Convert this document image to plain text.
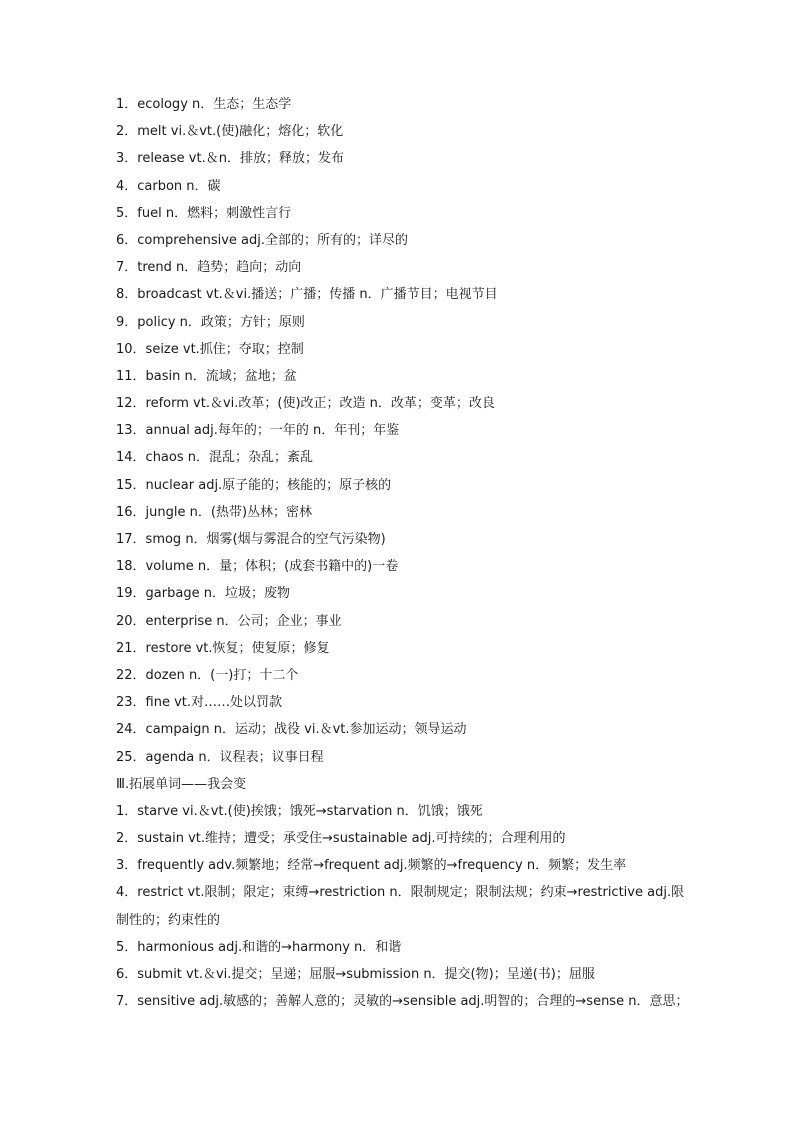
1．ecology n．生态；生态学
2．melt vi.＆vt.(使)融化；熔化；软化
3．release vt.＆n．排放；释放；发布
4．carbon n．碳
5．fuel n．燃料；刺激性言行
6．comprehensive adj.全部的；所有的；详尽的
7．trend n．趋势；趋向；动向
8．broadcast vt.＆vi.播送；广播；传播 n．广播节目；电视节目
9．policy n．政策；方针；原则
10．seize vt.抓住；夺取；控制
11．basin n．流域；盆地；盆
12．reform vt.＆vi.改革；(使)改正；改造 n．改革；变革；改良
13．annual adj.每年的；一年的 n．年刊；年鉴
14．chaos n．混乱；杂乱；紊乱
15．nuclear adj.原子能的；核能的；原子核的
16．jungle n．(热带)丛林；密林
17．smog n．烟雾(烟与雾混合的空气污染物)
18．volume n．量；体积；(成套书籍中的)一卷
19．garbage n．垃圾；废物
20．enterprise n．公司；企业；事业
21．restore vt.恢复；使复原；修复
22．dozen n．(一)打；十二个
23．fine vt.对……处以罚款
24．campaign n．运动；战役 vi.＆vt.参加运动；领导运动
25．agenda n．议程表；议事日程
Ⅲ.拓展单词——我会变
1．starve vi.＆vt.(使)挨饿；饿死→starvation n．饥饿；饿死
2．sustain vt.维持；遭受；承受住→sustainable adj.可持续的；合理利用的
3．frequently adv.频繁地；经常→frequent adj.频繁的→frequency n．频繁；发生率
4．restrict vt.限制；限定；束缚→restriction n．限制规定；限制法规；约束→restrictive adj.限
制性的；约束性的
5．harmonious adj.和谐的→harmony n．和谐
6．submit vt.＆vi.提交；呈递；屈服→submission n．提交(物)；呈递(书)；屈服
7．sensitive adj.敏感的；善解人意的；灵敏的→sensible adj.明智的；合理的→sense n．意思；
